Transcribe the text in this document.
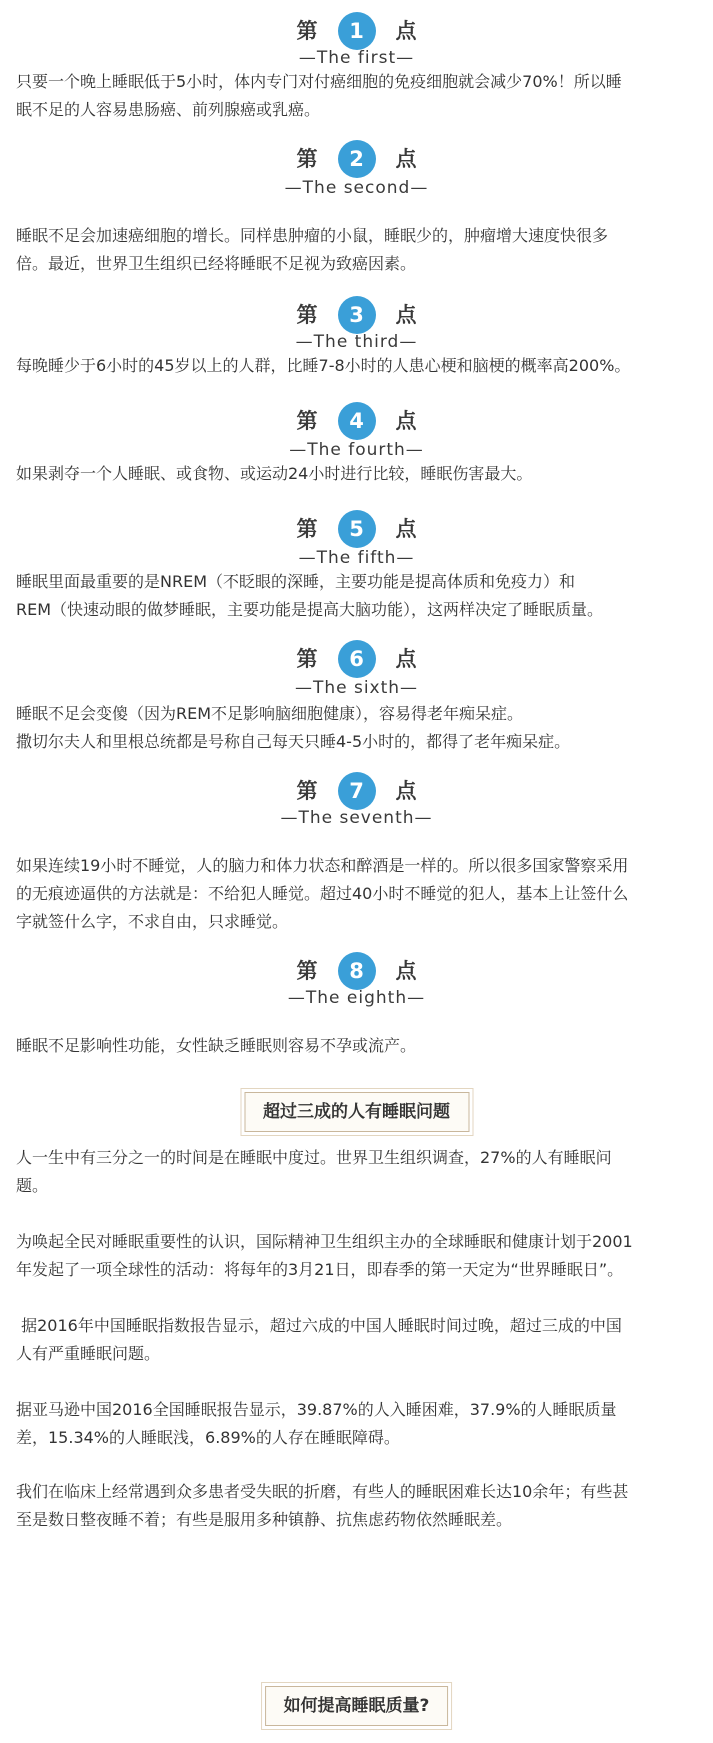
第	1	点
—The first—

只要一个晚上睡眠低于5小时，体内专门对付癌细胞的免疫细胞就会减少70%！所以睡
眠不足的人容易患肠癌、前列腺癌或乳癌。

第	2	点
—The second—

睡眠不足会加速癌细胞的增长。同样患肿瘤的小鼠，睡眠少的，肿瘤增大速度快很多
倍。最近，世界卫生组织已经将睡眠不足视为致癌因素。

第	3	点
—The third—

每晚睡少于6小时的45岁以上的人群，比睡7-8小时的人患心梗和脑梗的概率高200%。

第	4	点
—The fourth—

如果剥夺一个人睡眠、或食物、或运动24小时进行比较，睡眠伤害最大。

第	5	点
—The fifth—

睡眠里面最重要的是NREM（不眨眼的深睡，主要功能是提高体质和免疫力）和
REM（快速动眼的做梦睡眠，主要功能是提高大脑功能），这两样决定了睡眠质量。

第	6	点
—The sixth—

睡眠不足会变傻（因为REM不足影响脑细胞健康），容易得老年痴呆症。
撒切尔夫人和里根总统都是号称自己每天只睡4-5小时的，都得了老年痴呆症。

第	7	点
—The seventh—

如果连续19小时不睡觉，人的脑力和体力状态和醉酒是一样的。所以很多国家警察采用
的无痕迹逼供的方法就是：不给犯人睡觉。超过40小时不睡觉的犯人，基本上让签什么
字就签什么字，不求自由，只求睡觉。

第	8	点
—The eighth—

睡眠不足影响性功能，女性缺乏睡眠则容易不孕或流产。

超过三成的人有睡眠问题

人一生中有三分之一的时间是在睡眠中度过。世界卫生组织调查，27%的人有睡眠问
题。

为唤起全民对睡眠重要性的认识，国际精神卫生组织主办的全球睡眠和健康计划于2001
年发起了一项全球性的活动：将每年的3月21日，即春季的第一天定为“世界睡眠日”。

据2016年中国睡眠指数报告显示，超过六成的中国人睡眠时间过晚，超过三成的中国
人有严重睡眠问题。

据亚马逊中国2016全国睡眠报告显示，39.87%的人入睡困难，37.9%的人睡眠质量
差，15.34%的人睡眠浅，6.89%的人存在睡眠障碍。

我们在临床上经常遇到众多患者受失眠的折磨，有些人的睡眠困难长达10余年；有些甚
至是数日整夜睡不着；有些是服用多种镇静、抗焦虑药物依然睡眠差。

如何提高睡眠质量?
